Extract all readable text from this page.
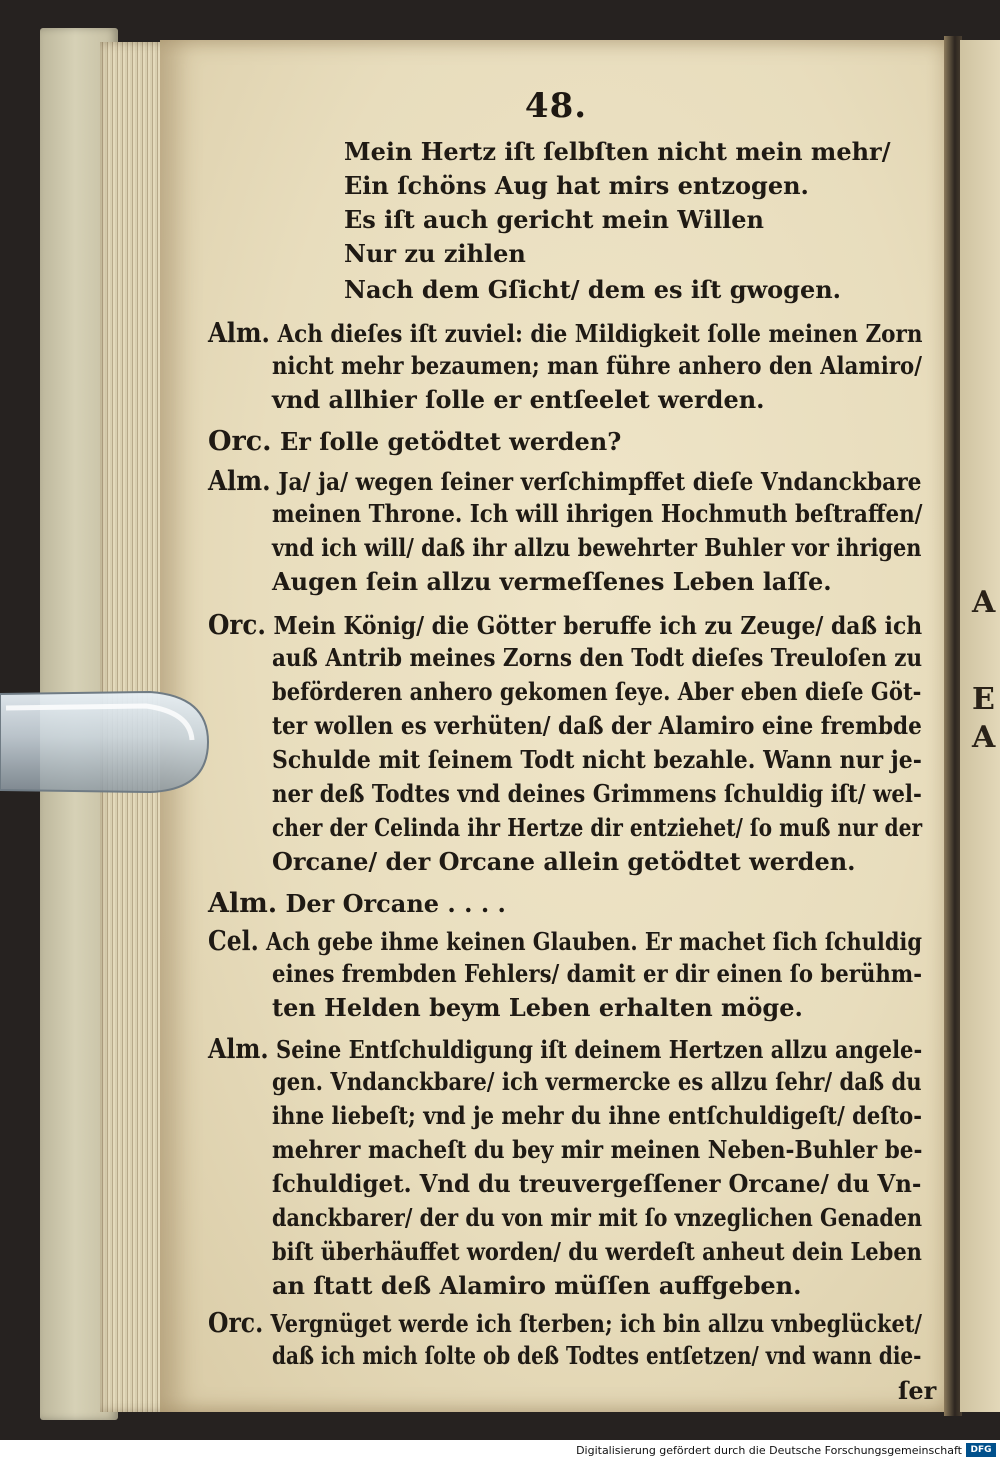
48.
Mein Hertz iſt ſelbſten nicht mein mehr/
Ein ſchöns Aug hat mirs entzogen.
Es iſt auch gericht mein Willen
Nur zu zihlen
Nach dem Gſicht/ dem es iſt gwogen.
Alm. Ach dieſes iſt zuviel: die Mildigkeit ſolle meinen Zorn
nicht mehr bezaumen; man führe anhero den Alamiro/
vnd allhier ſolle er entſeelet werden.
Orc. Er ſolle getödtet werden?
Alm. Ja/ ja/ wegen ſeiner verſchimpffet dieſe Vndanckbare
meinen Throne. Ich will ihrigen Hochmuth beſtraffen/
vnd ich will/ daß ihr allzu bewehrter Buhler vor ihrigen
Augen ſein allzu vermeſſenes Leben laſſe.
Orc. Mein König/ die Götter beruffe ich zu Zeuge/ daß ich
auß Antrib meines Zorns den Todt dieſes Treuloſen zu
beförderen anhero gekomen ſeye. Aber eben dieſe Göt-
ter wollen es verhüten/ daß der Alamiro eine frembde
Schulde mit ſeinem Todt nicht bezahle. Wann nur je-
ner deß Todtes vnd deines Grimmens ſchuldig iſt/ wel-
cher der Celinda ihr Hertze dir entziehet/ ſo muß nur der
Orcane/ der Orcane allein getödtet werden.
Alm. Der Orcane . . . .
Cel. Ach gebe ihme keinen Glauben. Er machet ſich ſchuldig
eines frembden Fehlers/ damit er dir einen ſo berühm-
ten Helden beym Leben erhalten möge.
Alm. Seine Entſchuldigung iſt deinem Hertzen allzu angele-
gen. Vndanckbare/ ich vermercke es allzu ſehr/ daß du
ihne liebeſt; vnd je mehr du ihne entſchuldigeſt/ deſto-
mehrer macheſt du bey mir meinen Neben-Buhler be-
ſchuldiget. Vnd du treuvergeſſener Orcane/ du Vn-
danckbarer/ der du von mir mit ſo vnzeglichen Genaden
biſt überhäuffet worden/ du werdeſt anheut dein Leben
an ſtatt deß Alamiro müſſen auffgeben.
Orc. Vergnüget werde ich ſterben; ich bin allzu vnbeglücket/
daß ich mich ſolte ob deß Todtes entſetzen/ vnd wann die-
ſer
A
E
A
Digitalisierung gefördert durch die Deutsche Forschungsgemeinschaft DFG
